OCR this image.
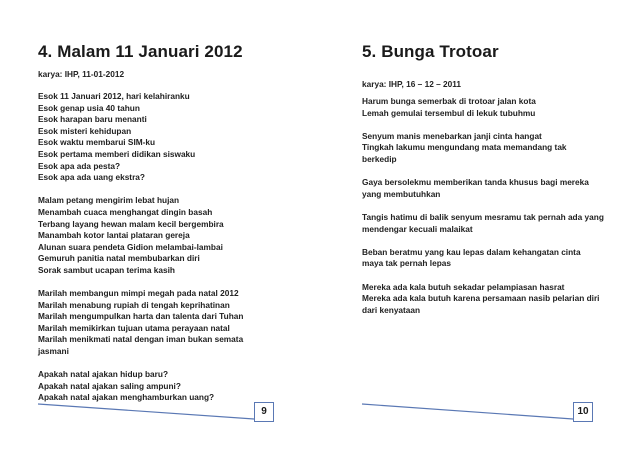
4. Malam 11 Januari 2012
karya: IHP, 11-01-2012
Esok 11 Januari 2012, hari kelahiranku
Esok genap usia 40 tahun
Esok harapan baru menanti
Esok misteri kehidupan
Esok waktu membarui SIM-ku
Esok pertama memberi didikan siswaku
Esok apa ada pesta?
Esok apa ada uang ekstra?
Malam petang mengirim lebat hujan
Menambah cuaca menghangat dingin basah
Terbang layang hewan malam kecil bergembira
Manambah kotor lantai plataran gereja
Alunan suara pendeta Gidion melambai-lambai
Gemuruh panitia natal membubarkan diri
Sorak sambut ucapan terima kasih
Marilah membangun mimpi megah pada natal 2012
Marilah menabung rupiah di tengah keprihatinan
Marilah mengumpulkan harta dan talenta dari Tuhan
Marilah memikirkan tujuan utama perayaan natal
Marilah menikmati natal dengan iman bukan semata
jasmani
Apakah natal ajakan hidup baru?
Apakah natal ajakan saling ampuni?
Apakah natal ajakan menghamburkan uang?
9
5. Bunga Trotoar
karya: IHP, 16 – 12 – 2011
Harum bunga semerbak di trotoar jalan kota
Lemah gemulai tersembul di lekuk tubuhmu
Senyum manis menebarkan janji cinta hangat
Tingkah lakumu mengundang mata memandang tak
berkedip
Gaya bersolekmu memberikan tanda khusus bagi mereka
yang membutuhkan
Tangis hatimu di balik senyum mesramu tak pernah ada yang
mendengar kecuali malaikat
Beban beratmu yang kau lepas dalam kehangatan cinta
maya tak pernah lepas
Mereka ada kala butuh sekadar pelampiasan hasrat
Mereka ada kala butuh karena persamaan nasib pelarian diri
dari kenyataan
10
